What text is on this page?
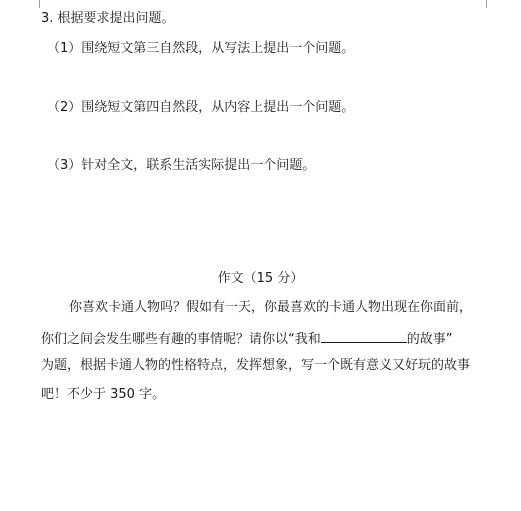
3. 根据要求提出问题。
（1）围绕短文第三自然段，从写法上提出一个问题。
（2）围绕短文第四自然段，从内容上提出一个问题。
（3）针对全文，联系生活实际提出一个问题。
作文（15 分）
你喜欢卡通人物吗？假如有一天，你最喜欢的卡通人物出现在你面前，
你们之间会发生哪些有趣的事情呢？请你以“我和	的故事”
为题，根据卡通人物的性格特点，发挥想象，写一个既有意义又好玩的故事
吧！不少于 350 字。
